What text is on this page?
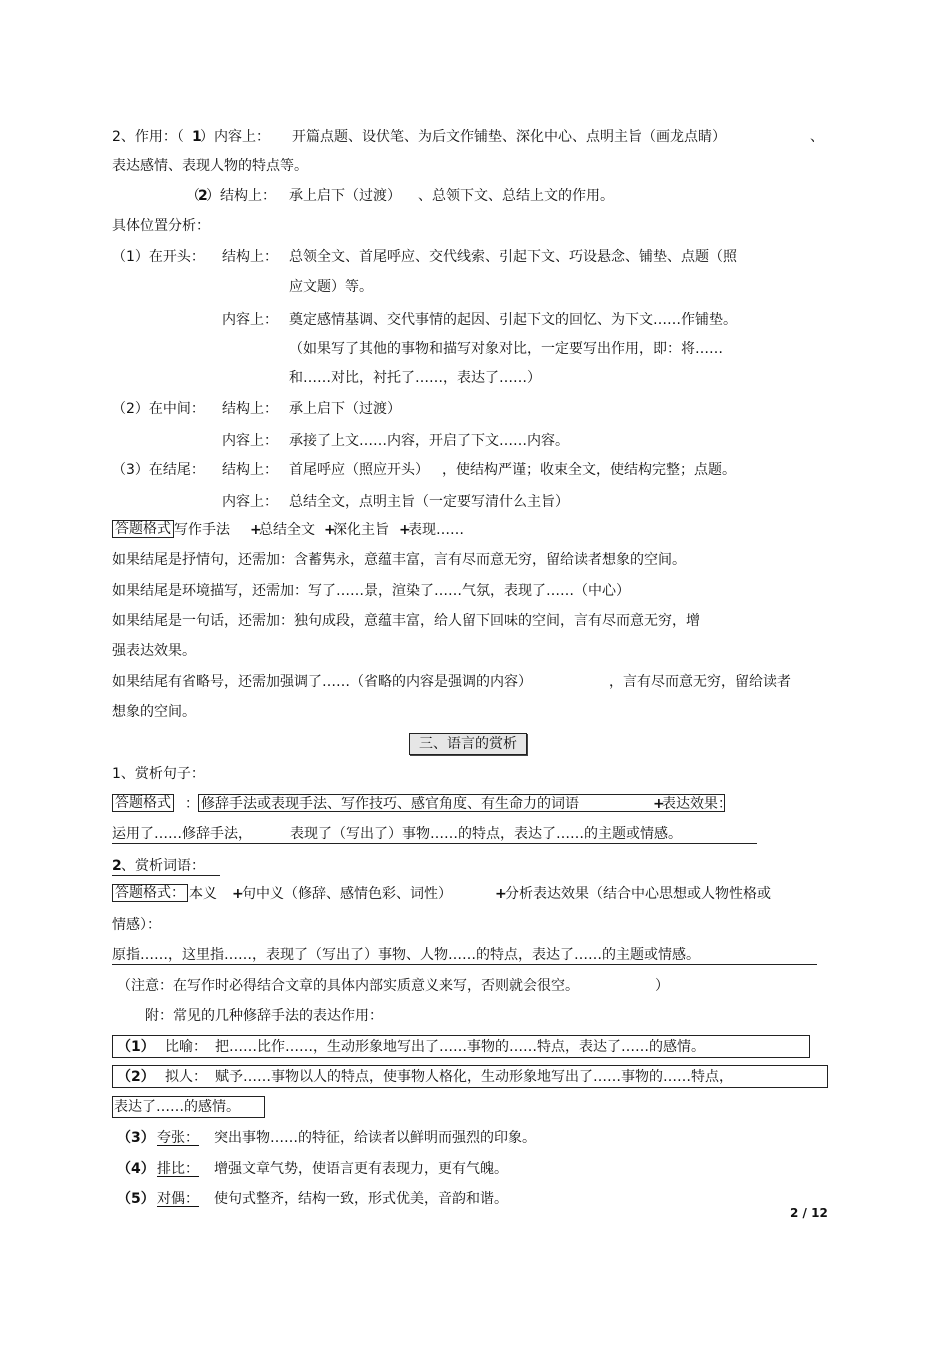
2、作用：（ 1
）内容上： 开篇点题、设伏笔、为后文作铺垫、深化中心、点明主旨（画龙点睛）	、
表达感情、表现人物的特点等。
（
2
）结构上： 承上启下（过渡） 、总领下文、总结上文的作用。
具体位置分析：
（1）在开头： 结构上： 总领全文、首尾呼应、交代线索、引起下文、巧设悬念、铺垫、点题（照
应文题）等。
内容上： 奠定感情基调、交代事情的起因、引起下文的回忆、为下文……作铺垫。
（如果写了其他的事物和描写对象对比，一定要写出作用，即：将……
和……对比，衬托了……，表达了……）
（2）在中间： 结构上： 承上启下（过渡）
内容上： 承接了上文……内容，开启了下文……内容。
（3）在结尾： 结构上： 首尾呼应（照应开头） ，使结构严谨；收束全文，使结构完整；点题。
内容上： 总结全文，点明主旨（一定要写清什么主旨）
答题格式 写作手法 +
总结全文 +
深化主旨 +
表现……
如果结尾是抒情句，还需加：含蓄隽永，意蕴丰富，言有尽而意无穷，留给读者想象的空间。
如果结尾是环境描写，还需加：写了……景，渲染了……气氛，表现了……（中心）
如果结尾是一句话，还需加：独句成段，意蕴丰富，给人留下回味的空间，言有尽而意无穷，增
强表达效果。
如果结尾有省略号，还需加强调了……（省略的内容是强调的内容）	，言有尽而意无穷，留给读者
想象的空间。
三、语言的赏析
1、赏析句子：
答题格式 ： 修辞手法或表现手法、写作技巧、感官角度、有生命力的词语	+
表达效果：
运用了……修辞手法，	表现了（写出了）事物……的特点，表达了……的主题或情感。
2 、赏析词语：
答题格式： 本义 +
句中义（修辞、感情色彩、词性）	+
分析表达效果（结合中心思想或人物性格或
情感）：
原指……，这里指……，表现了（写出了）事物、人物……的特点，表达了……的主题或情感。
（注意：在写作时必得结合文章的具体内部实质意义来写，否则就会很空。	）
附：常见的几种修辞手法的表达作用：
（1） 比喻： 把……比作……，生动形象地写出了……事物的……特点，表达了……的感情。
（2） 拟人： 赋予……事物以人的特点，使事物人格化，生动形象地写出了……事物的……特点，
表达了……的感情。
（3） 夸张： 突出事物……的特征，给读者以鲜明而强烈的印象。
（4） 排比： 增强文章气势，使语言更有表现力，更有气魄。
（5） 对偶： 使句式整齐，结构一致，形式优美，音韵和谐。
2 / 12
